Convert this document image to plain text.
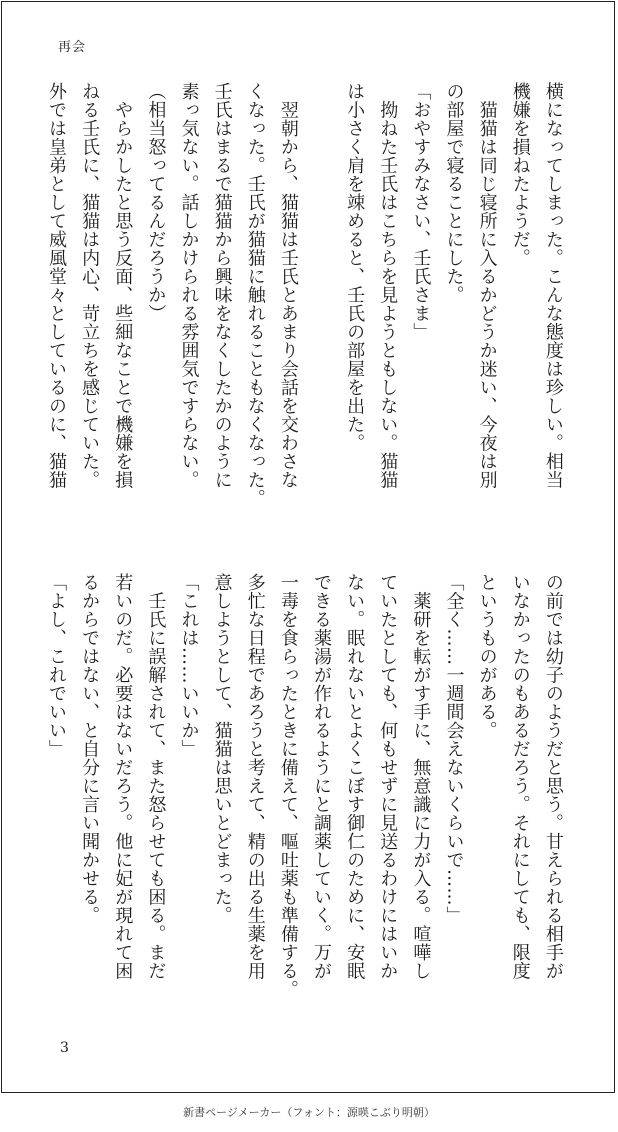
再会
横になってしまった。こんな態度は珍しい。相当
機嫌を損ねたようだ。
　猫猫は同じ寝所に入るかどうか迷い、今夜は別
の部屋で寝ることにした。
「おやすみなさい、壬氏さま」
　拗ねた壬氏はこちらを見ようともしない。猫猫
は小さく肩を竦めると、壬氏の部屋を出た。
　翌朝から、猫猫は壬氏とあまり会話を交わさな
くなった。壬氏が猫猫に触れることもなくなった。
壬氏はまるで猫猫から興味をなくしたかのように
素っ気ない。話しかけられる雰囲気ですらない。
（相当怒ってるんだろうか）
　やらかしたと思う反面、些細なことで機嫌を損
ねる壬氏に、猫猫は内心、苛立ちを感じていた。
外では皇弟として威風堂々としているのに、猫猫
の前では幼子のようだと思う。甘えられる相手が
いなかったのもあるだろう。それにしても、限度
というものがある。
「全く……一週間会えないくらいで……」
　薬研を転がす手に、無意識に力が入る。喧嘩し
ていたとしても、何もせずに見送るわけにはいか
ない。眠れないとよくこぼす御仁のために、安眠
できる薬湯が作れるようにと調薬していく。万が
一毒を食らったときに備えて、嘔吐薬も準備する。
多忙な日程であろうと考えて、精の出る生薬を用
意しようとして、猫猫は思いとどまった。
「これは……いいか」
　壬氏に誤解されて、また怒らせても困る。まだ
若いのだ。必要はないだろう。他に妃が現れて困
るからではない、と自分に言い聞かせる。
「よし、これでいい」
3
新書ページメーカー（フォント：源暎こぶり明朝）
